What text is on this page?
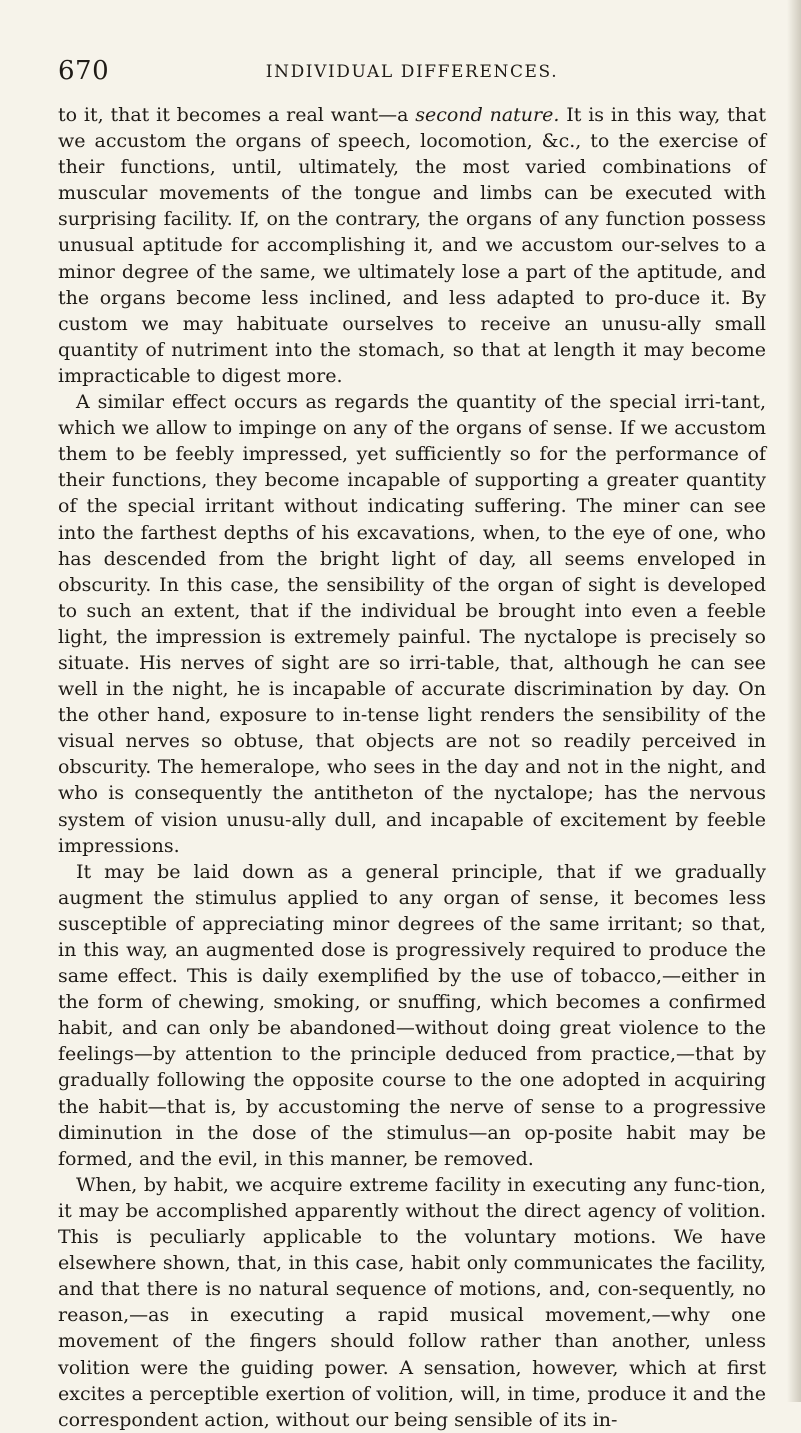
670	INDIVIDUAL DIFFERENCES.

to it, that it becomes a real want—a second nature. It is in this way, that we accustom the organs of speech, locomotion, &c., to the exercise of their functions, until, ultimately, the most varied combinations of muscular movements of the tongue and limbs can be executed with surprising facility. If, on the contrary, the organs of any function possess unusual aptitude for accomplishing it, and we accustom our-selves to a minor degree of the same, we ultimately lose a part of the aptitude, and the organs become less inclined, and less adapted to pro-duce it. By custom we may habituate ourselves to receive an unusu-ally small quantity of nutriment into the stomach, so that at length it may become impracticable to digest more.

A similar effect occurs as regards the quantity of the special irri-tant, which we allow to impinge on any of the organs of sense. If we accustom them to be feebly impressed, yet sufficiently so for the performance of their functions, they become incapable of supporting a greater quantity of the special irritant without indicating suffering. The miner can see into the farthest depths of his excavations, when, to the eye of one, who has descended from the bright light of day, all seems enveloped in obscurity. In this case, the sensibility of the organ of sight is developed to such an extent, that if the individual be brought into even a feeble light, the impression is extremely painful. The nyctalope is precisely so situate. His nerves of sight are so irri-table, that, although he can see well in the night, he is incapable of accurate discrimination by day. On the other hand, exposure to in-tense light renders the sensibility of the visual nerves so obtuse, that objects are not so readily perceived in obscurity. The hemeralope, who sees in the day and not in the night, and who is consequently the antitheton of the nyctalope; has the nervous system of vision unusu-ally dull, and incapable of excitement by feeble impressions.

It may be laid down as a general principle, that if we gradually augment the stimulus applied to any organ of sense, it becomes less susceptible of appreciating minor degrees of the same irritant; so that, in this way, an augmented dose is progressively required to produce the same effect. This is daily exemplified by the use of tobacco,—either in the form of chewing, smoking, or snuffing, which becomes a confirmed habit, and can only be abandoned—without doing great violence to the feelings—by attention to the principle deduced from practice,—that by gradually following the opposite course to the one adopted in acquiring the habit—that is, by accustoming the nerve of sense to a progressive diminution in the dose of the stimulus—an op-posite habit may be formed, and the evil, in this manner, be removed.

When, by habit, we acquire extreme facility in executing any func-tion, it may be accomplished apparently without the direct agency of volition. This is peculiarly applicable to the voluntary motions. We have elsewhere shown, that, in this case, habit only communicates the facility, and that there is no natural sequence of motions, and, con-sequently, no reason,—as in executing a rapid musical movement,—why one movement of the fingers should follow rather than another, unless volition were the guiding power. A sensation, however, which at first excites a perceptible exertion of volition, will, in time, produce it and the correspondent action, without our being sensible of its in-
